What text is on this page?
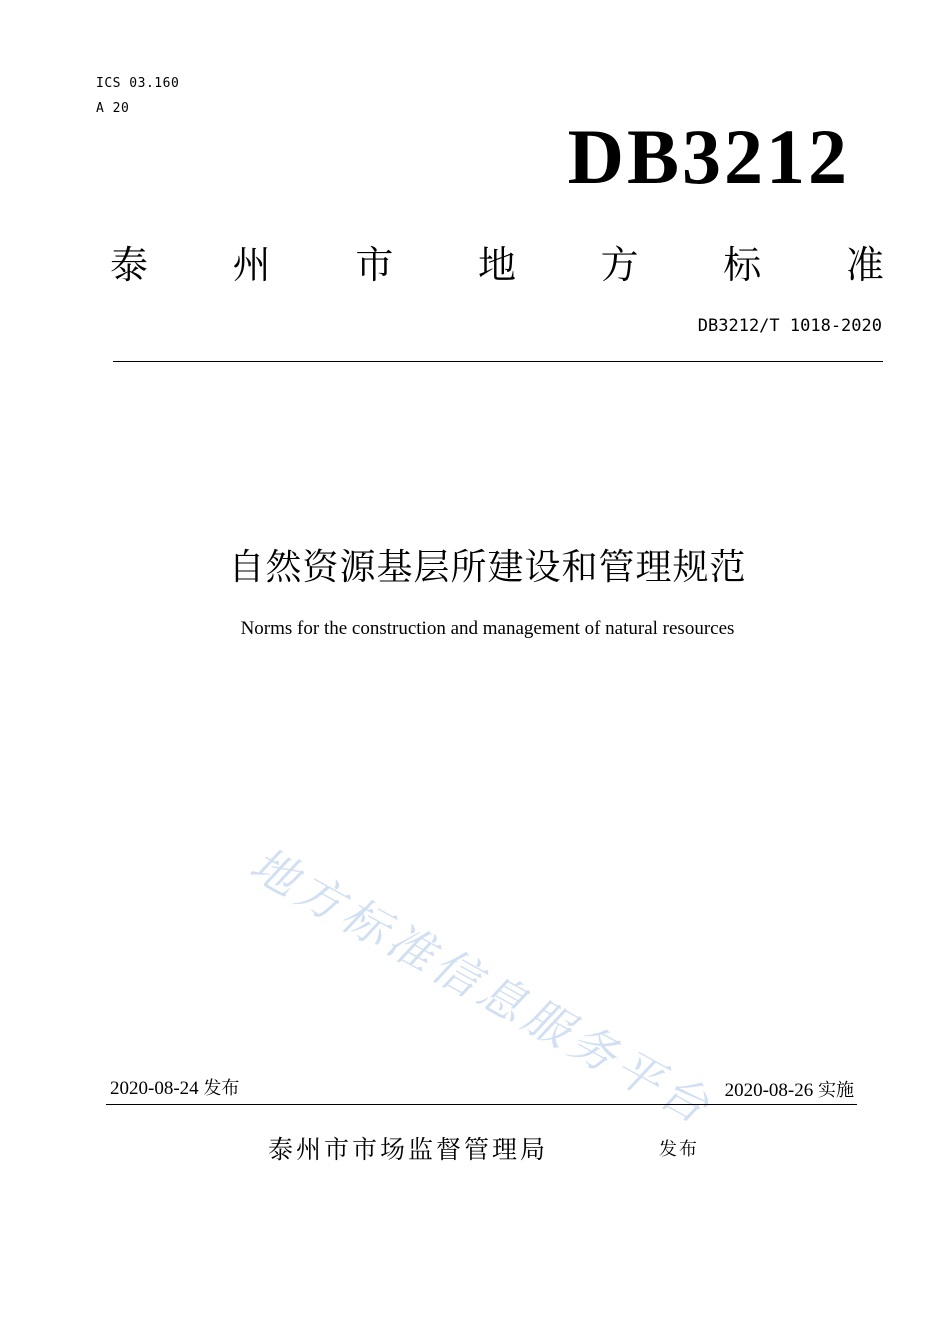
ICS 03.160
A 20
DB3212
泰 州 市 地 方 标 准
DB3212/T 1018-2020
自然资源基层所建设和管理规范
Norms for the construction and management of natural resources
地方标准信息服务平台
2020-08-24 发布	2020-08-26 实施
泰州市市场监督管理局	发布
